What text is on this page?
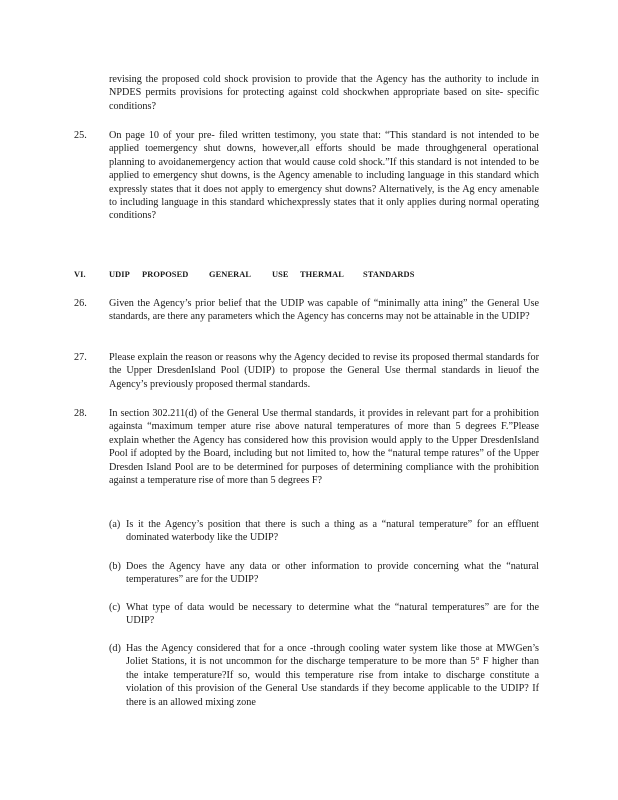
revising the proposed cold shock provision to provide that the Agency has the authority to include in NPDES permits provisions for protecting against cold shockwhen appropriate based on site- specific conditions?
25. On page 10 of your pre- filed written testimony, you state that: “This standard is not intended to be applied toemergency shut downs, however,all efforts should be made throughgeneral operational planning to avoidanemergency action that would cause cold shock.”If this standard is not intended to be applied to emergency shut downs, is the Agency amenable to including language in this standard which expressly states that it does not apply to emergency shut downs? Alternatively, is the Ag ency amenable to including language in this standard whichexpressly states that it only applies during normal operating conditions?
VI.	UDIP PROPOSED GENERAL USE THERMAL STANDARDS
26. Given the Agency’s prior belief that the UDIP was capable of “minimally atta ining” the General Use standards, are there any parameters which the Agency has concerns may not be attainable in the UDIP?
27. Please explain the reason or reasons why the Agency decided to revise its proposed thermal standards for the Upper DresdenIsland Pool (UDIP) to propose the General Use thermal standards in lieuof the Agency’s previously proposed thermal standards.
28. In section 302.211(d) of the General Use thermal standards, it provides in relevant part for a prohibition againsta “maximum temper ature rise above natural temperatures of more than 5 degrees F.”Please explain whether the Agency has considered how this provision would apply to the Upper DresdenIsland Pool if adopted by the Board, including but not limited to, how the “natural tempe ratures” of the Upper Dresden Island Pool are to be determined for purposes of determining compliance with the prohibition against a temperature rise of more than 5 degrees F?
(a) Is it the Agency’s position that there is such a thing as a “natural temperature” for an effluent dominated waterbody like the UDIP?
(b) Does the Agency have any data or other information to provide concerning what the “natural temperatures” are for the UDIP?
(c) What type of data would be necessary to determine what the “natural temperatures” are for the UDIP?
(d) Has the Agency considered that for a once -through cooling water system like those at MWGen’s Joliet Stations, it is not uncommon for the discharge temperature to be more than 5° F higher than the intake temperature?If so, would this temperature rise from intake to discharge constitute a violation of this provision of the General Use standards if they become applicable to the UDIP? If there is an allowed mixing zone
